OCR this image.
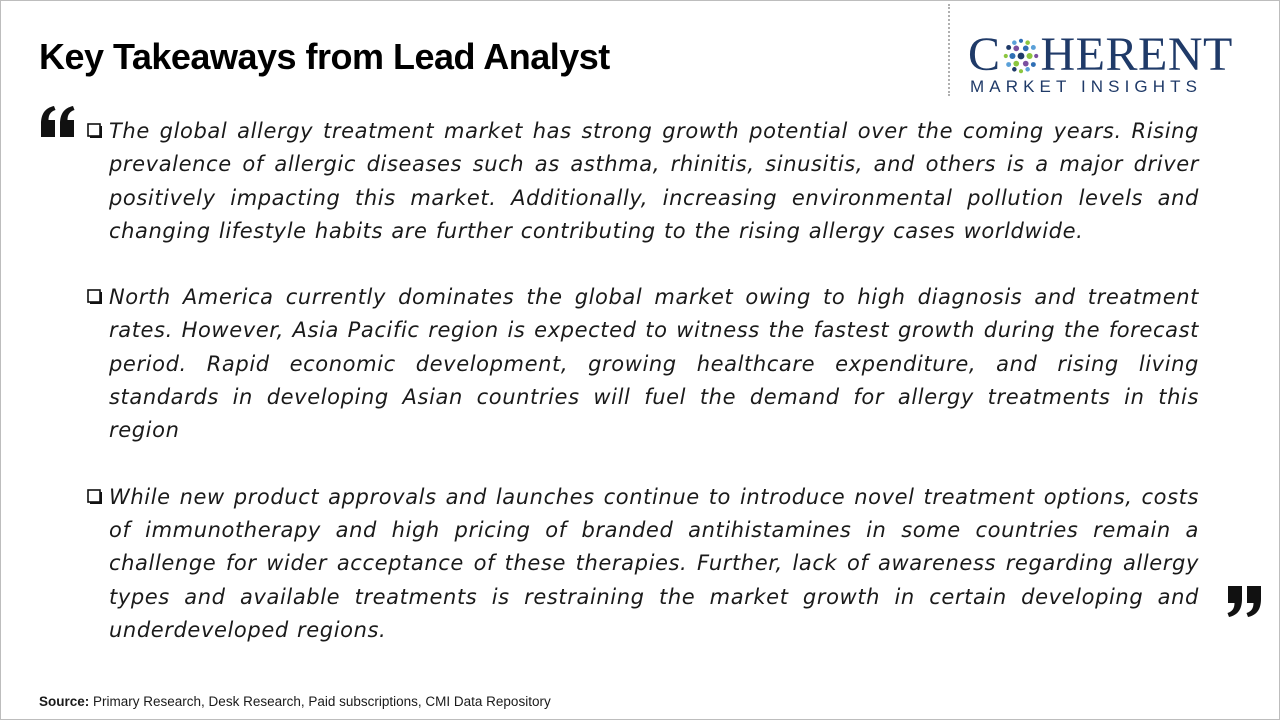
Key Takeaways from Lead Analyst	C HERENT
MARKET INSIGHTS

The global allergy treatment market has strong growth potential over the coming years. Rising prevalence of allergic diseases such as asthma, rhinitis, sinusitis, and others is a major driver positively impacting this market. Additionally, increasing environmental pollution levels and changing lifestyle habits are further contributing to the rising allergy cases worldwide.

North America currently dominates the global market owing to high diagnosis and treatment rates. However, Asia Pacific region is expected to witness the fastest growth during the forecast period. Rapid economic development, growing healthcare expenditure, and rising living standards in developing Asian countries will fuel the demand for allergy treatments in this region

While new product approvals and launches continue to introduce novel treatment options, costs of immunotherapy and high pricing of branded antihistamines in some countries remain a challenge for wider acceptance of these therapies. Further, lack of awareness regarding allergy types and available treatments is restraining the market growth in certain developing and underdeveloped regions.

Source: Primary Research, Desk Research, Paid subscriptions, CMI Data Repository
